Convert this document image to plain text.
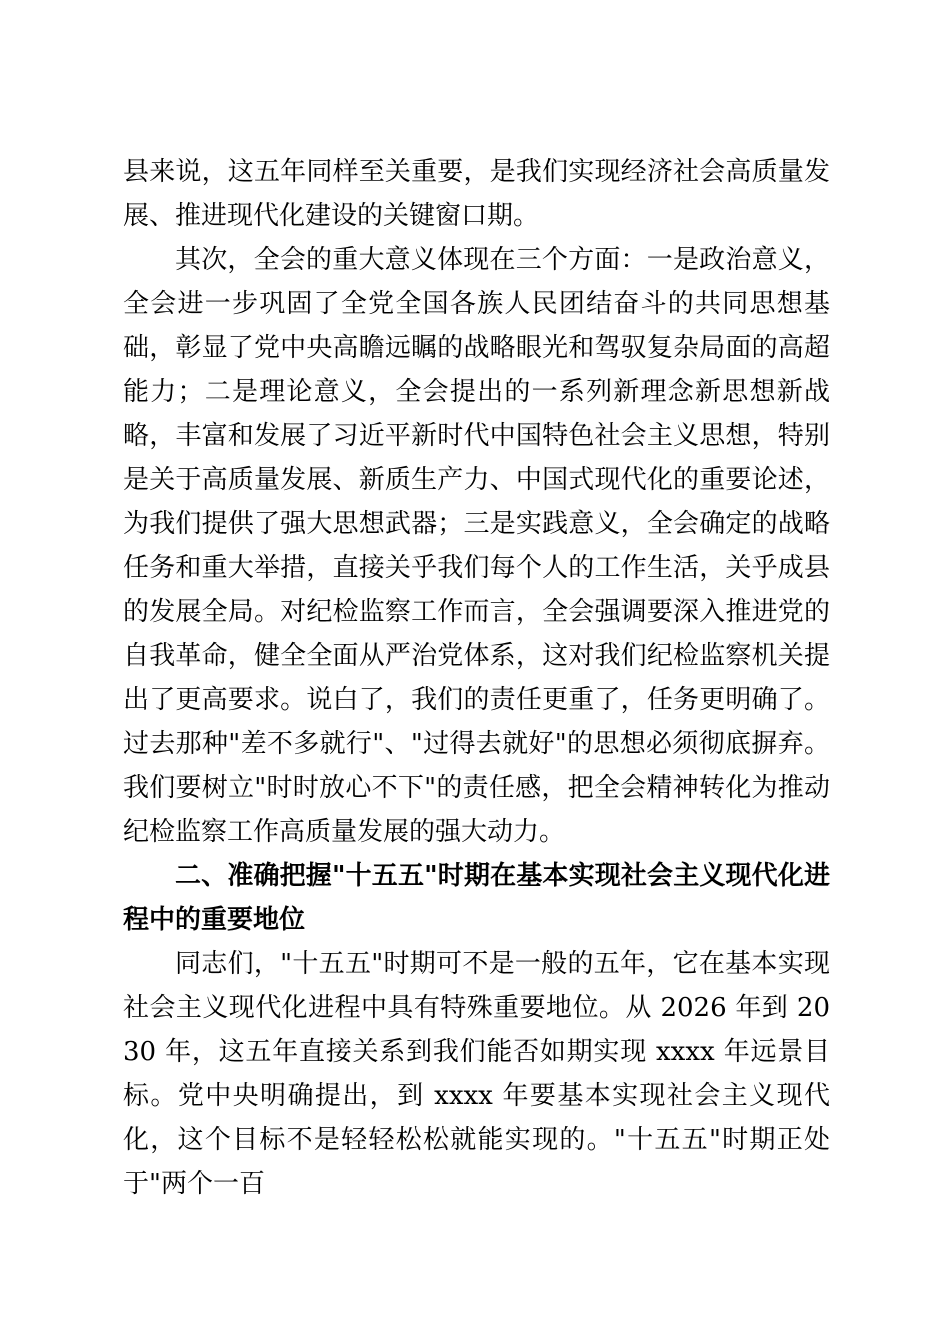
县来说，这五年同样至关重要，是我们实现经济社会高质量发展、推进现代化建设的关键窗口期。

其次，全会的重大意义体现在三个方面：一是政治意义，全会进一步巩固了全党全国各族人民团结奋斗的共同思想基础，彰显了党中央高瞻远瞩的战略眼光和驾驭复杂局面的高超能力；二是理论意义，全会提出的一系列新理念新思想新战略，丰富和发展了习近平新时代中国特色社会主义思想，特别是关于高质量发展、新质生产力、中国式现代化的重要论述，为我们提供了强大思想武器；三是实践意义，全会确定的战略任务和重大举措，直接关乎我们每个人的工作生活，关乎成县的发展全局。对纪检监察工作而言，全会强调要深入推进党的自我革命，健全全面从严治党体系，这对我们纪检监察机关提出了更高要求。说白了，我们的责任更重了，任务更明确了。过去那种"差不多就行"、"过得去就好"的思想必须彻底摒弃。我们要树立"时时放心不下"的责任感，把全会精神转化为推动纪检监察工作高质量发展的强大动力。

二、准确把握"十五五"时期在基本实现社会主义现代化进程中的重要地位

同志们，"十五五"时期可不是一般的五年，它在基本实现社会主义现代化进程中具有特殊重要地位。从 2026 年到 2030 年，这五年直接关系到我们能否如期实现 xxxx 年远景目标。党中央明确提出，到 xxxx 年要基本实现社会主义现代化，这个目标不是轻轻松松就能实现的。"十五五"时期正处于"两个一百
